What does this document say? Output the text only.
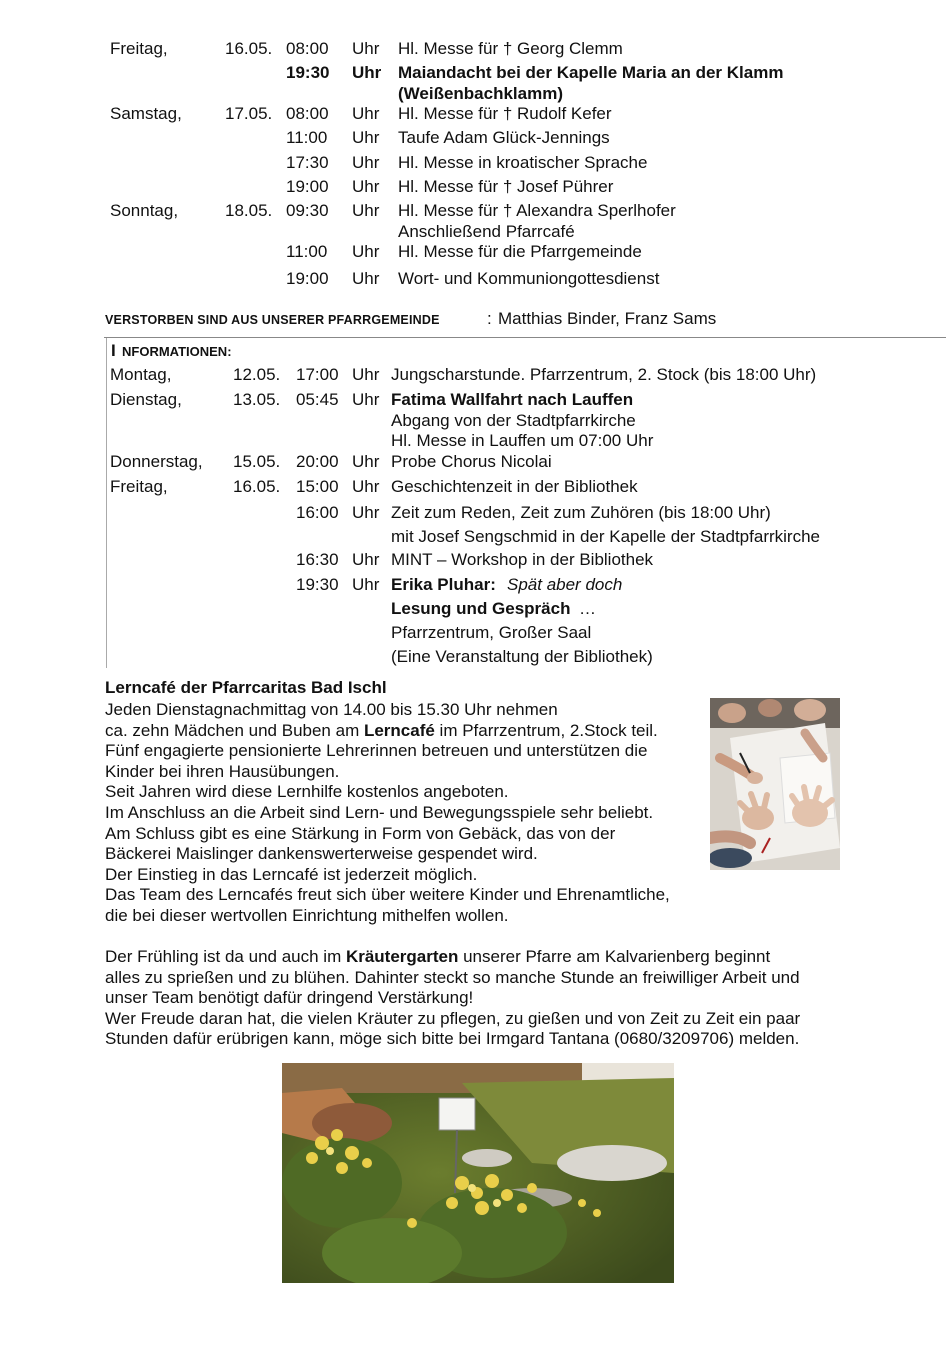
Freitag,	16.05. 08:00 Uhr Hl. Messe für † Georg Clemm
19:30 Uhr Maiandacht bei der Kapelle Maria an der Klamm
(Weißenbachklamm)
Samstag,	17.05. 08:00 Uhr Hl. Messe für † Rudolf Kefer
11:00 Uhr Taufe Adam Glück-Jennings
17:30 Uhr Hl. Messe in kroatischer Sprache
19:00 Uhr Hl. Messe für † Josef Pührer
Sonntag,	18.05. 09:30 Uhr Hl. Messe für † Alexandra Sperlhofer
Anschließend Pfarrcafé
11:00 Uhr Hl. Messe für die Pfarrgemeinde
19:00 Uhr Wort- und Kommuniongottesdienst
VERSTORBEN SIND AUS UNSERER PFARRGEMEINDE	: Matthias Binder, Franz Sams
I NFORMATIONEN:
Montag,	12.05. 17:00 Uhr Jungscharstunde. Pfarrzentrum, 2. Stock (bis 18:00 Uhr)
Dienstag,	13.05. 05:45 Uhr Fatima Wallfahrt nach Lauffen
Abgang von der Stadtpfarrkirche
Hl. Messe in Lauffen um 07:00 Uhr
Donnerstag, 15.05. 20:00 Uhr Probe Chorus Nicolai
Freitag,	16.05. 15:00 Uhr Geschichtenzeit in der Bibliothek
16:00 Uhr Zeit zum Reden, Zeit zum Zuhören (bis 18:00 Uhr)
mit Josef Sengschmid in der Kapelle der Stadtpfarrkirche
16:30 Uhr MINT – Workshop in der Bibliothek
19:30 Uhr Erika Pluhar: Spät aber doch
Lesung und Gespräch …
Pfarrzentrum, Großer Saal
(Eine Veranstaltung der Bibliothek)
Lerncafé der Pfarrcaritas Bad Ischl
Jeden Dienstagnachmittag von 14.00 bis 15.30 Uhr nehmen
ca. zehn Mädchen und Buben am Lerncafé im Pfarrzentrum, 2.Stock teil.
Fünf engagierte pensionierte Lehrerinnen betreuen und unterstützen die
Kinder bei ihren Hausübungen.
Seit Jahren wird diese Lernhilfe kostenlos angeboten.
Im Anschluss an die Arbeit sind Lern- und Bewegungsspiele sehr beliebt.
Am Schluss gibt es eine Stärkung in Form von Gebäck, das von der
Bäckerei Maislinger dankenswerterweise gespendet wird.
Der Einstieg in das Lerncafé ist jederzeit möglich.
Das Team des Lerncafés freut sich über weitere Kinder und Ehrenamtliche,
die bei dieser wertvollen Einrichtung mithelfen wollen.
Der Frühling ist da und auch im Kräutergarten unserer Pfarre am Kalvarienberg beginnt
alles zu sprießen und zu blühen. Dahinter steckt so manche Stunde an freiwilliger Arbeit und
unser Team benötigt dafür dringend Verstärkung!
Wer Freude daran hat, die vielen Kräuter zu pflegen, zu gießen und von Zeit zu Zeit ein paar
Stunden dafür erübrigen kann, möge sich bitte bei Irmgard Tantana (0680/3209706) melden.
